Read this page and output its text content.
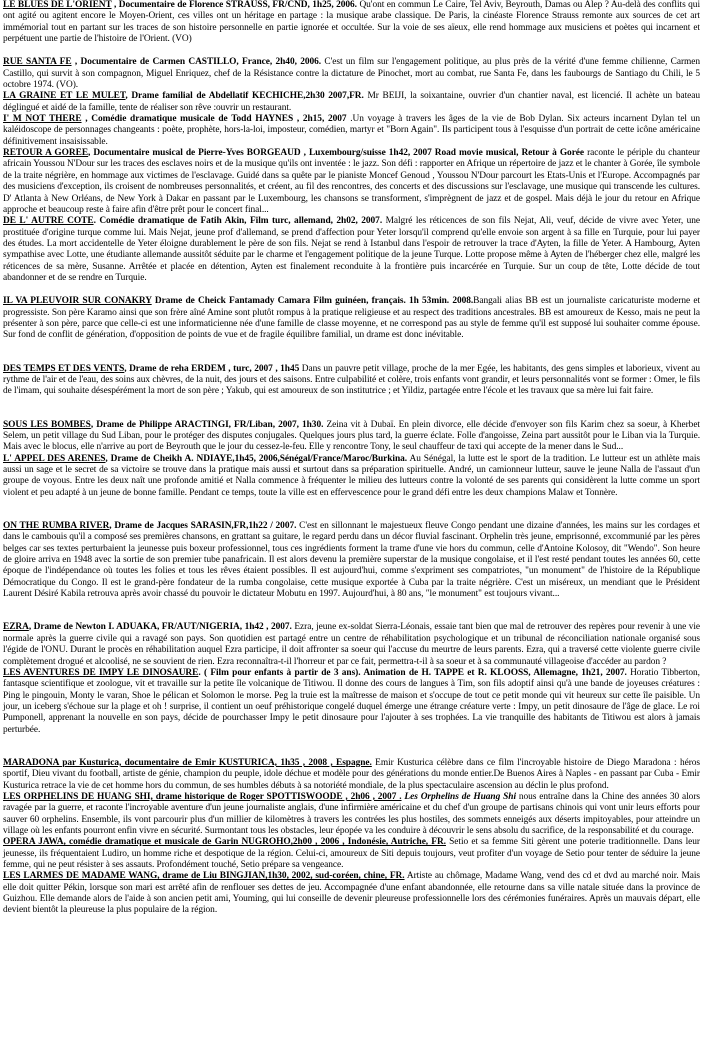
LE BLUES DE L'ORIENT , Documentaire de Florence STRAUSS, FR/CND, 1h25, 2006. Qu'ont en commun Le Caire, Tel Aviv, Beyrouth, Damas ou Alep ? Au-delà des conflits qui ont agité ou agitent encore le Moyen-Orient, ces villes ont un héritage en partage : la musique arabe classique. De Paris, la cinéaste Florence Strauss remonte aux sources de cet art immémorial tout en partant sur les traces de son histoire personnelle en partie ignorée et occultée. Sur la voie de ses aïeux, elle rend hommage aux musiciens et poètes qui incarnent et perpétuent une partie de l'histoire de l'Orient. (VO)

RUE SANTA FE , Documentaire de Carmen CASTILLO, France, 2h40, 2006. C'est un film sur l'engagement politique, au plus près de la vérité d'une femme chilienne, Carmen Castillo, qui survit à son compagnon, Miguel Enriquez, chef de la Résistance contre la dictature de Pinochet, mort au combat, rue Santa Fe, dans les faubourgs de Santiago du Chili, le 5 octobre 1974. (VO).

LA GRAINE ET LE MULET, Drame familial de Abdellatif KECHICHE,2h30 2007,FR. Mr BEIJI, la soixantaine, ouvrier d'un chantier naval, est licencié. Il achète un bateau déglingué et aidé de la famille, tente de réaliser son rêve :ouvrir un restaurant.

I' M NOT THERE , Comédie dramatique musicale de Todd HAYNES , 2h15, 2007 .Un voyage à travers les âges de la vie de Bob Dylan. Six acteurs incarnent Dylan tel un kaléidoscope de personnages changeants : poète, prophète, hors-la-loi, imposteur, comédien, martyr et "Born Again". Ils participent tous à l'esquisse d'un portrait de cette icône américaine définitivement insaisissable.

RETOUR A GOREE, Documentaire musical de Pierre-Yves BORGEAUD , Luxembourg/suisse 1h42, 2007 Road movie musical, Retour à Gorée raconte le périple du chanteur africain Youssou N'Dour sur les traces des esclaves noirs et de la musique qu'ils ont inventée : le jazz. Son défi : rapporter en Afrique un répertoire de jazz et le chanter à Gorée, île symbole de la traite négrière, en hommage aux victimes de l'esclavage. Guidé dans sa quête par le pianiste Moncef Genoud , Youssou N'Dour parcourt les Etats-Unis et l'Europe. Accompagnés par des musiciens d'exception, ils croisent de nombreuses personnalités, et créent, au fil des rencontres, des concerts et des discussions sur l'esclavage, une musique qui transcende les cultures. D' Atlanta à New Orléans, de New York à Dakar en passant par le Luxembourg, les chansons se transforment, s'imprègnent de jazz et de gospel. Mais déjà le jour du retour en Afrique approche et beaucoup reste à faire afin d'être prêt pour le concert final...

DE L' AUTRE COTE. Comédie dramatique de Fatih Akin, Film turc, allemand, 2h02, 2007. Malgré les réticences de son fils Nejat, Ali, veuf, décide de vivre avec Yeter, une prostituée d'origine turque comme lui. Mais Nejat, jeune prof d'allemand, se prend d'affection pour Yeter lorsqu'il comprend qu'elle envoie son argent à sa fille en Turquie, pour lui payer des études. La mort accidentelle de Yeter éloigne durablement le père de son fils. Nejat se rend à Istanbul dans l'espoir de retrouver la trace d'Ayten, la fille de Yeter. A Hambourg, Ayten sympathise avec Lotte, une étudiante allemande aussitôt séduite par le charme et l'engagement politique de la jeune Turque. Lotte propose même à Ayten de l'héberger chez elle, malgré les réticences de sa mère, Susanne. Arrêtée et placée en détention, Ayten est finalement reconduite à la frontière puis incarcérée en Turquie. Sur un coup de tête, Lotte décide de tout abandonner et de se rendre en Turquie.

IL VA PLEUVOIR SUR CONAKRY Drame de Cheick Fantamady Camara Film guinéen, français. 1h 53min. 2008.Bangali alias BB est un journaliste caricaturiste moderne et progressiste. Son père Karamo ainsi que son frère aîné Amine sont plutôt rompus à la pratique religieuse et au respect des traditions ancestrales. BB est amoureux de Kesso, mais ne peut la présenter à son père, parce que celle-ci est une informaticienne née d'une famille de classe moyenne, et ne correspond pas au style de femme qu'il est supposé lui souhaiter comme épouse. Sur fond de conflit de génération, d'opposition de points de vue et de fragile équilibre familial, un drame est donc inévitable.

DES TEMPS ET DES VENTS, Drame de reha ERDEM , turc, 2007 , 1h45 Dans un pauvre petit village, proche de la mer Egée, les habitants, des gens simples et laborieux, vivent au rythme de l'air et de l'eau, des soins aux chèvres, de la nuit, des jours et des saisons. Entre culpabilité et colère, trois enfants vont grandir, et leurs personnalités vont se former : Omer, le fils de l'imam, qui souhaite désespérément la mort de son père ; Yakub, qui est amoureux de son institutrice ; et Yildiz, partagée entre l'école et les travaux que sa mère lui fait faire.

SOUS LES BOMBES, Drame de Philippe ARACTINGI, FR/Liban, 2007, 1h30. Zeina vit à Dubaï. En plein divorce, elle décide d'envoyer son fils Karim chez sa soeur, à Kherbet Selem, un petit village du Sud Liban, pour le protéger des disputes conjugales. Quelques jours plus tard, la guerre éclate. Folle d'angoisse, Zeina part aussitôt pour le Liban via la Turquie. Mais avec le blocus, elle n'arrive au port de Beyrouth que le jour du cessez-le-feu. Elle y rencontre Tony, le seul chauffeur de taxi qui accepte de la mener dans le Sud...

L' APPEL DES ARENES, Drame de Cheikh A. NDIAYE,1h45, 2006,Sénégal/France/Maroc/Burkina. Au Sénégal, la lutte est le sport de la tradition. Le lutteur est un athlète mais aussi un sage et le secret de sa victoire se trouve dans la pratique mais aussi et surtout dans sa préparation spirituelle. André, un camionneur lutteur, sauve le jeune Nalla de l'assaut d'un groupe de voyous. Entre les deux naît une profonde amitié et Nalla commence à fréquenter le milieu des lutteurs contre la volonté de ses parents qui considèrent la lutte comme un sport violent et peu adapté à un jeune de bonne famille. Pendant ce temps, toute la ville est en effervescence pour le grand défi entre les deux champions Malaw et Tonnère.

ON THE RUMBA RIVER, Drame de Jacques SARASIN,FR,1h22 / 2007. C'est en sillonnant le majestueux fleuve Congo pendant une dizaine d'années, les mains sur les cordages et dans le cambouis qu'il a composé ses premières chansons, en grattant sa guitare, le regard perdu dans un décor fluvial fascinant. Orphelin très jeune, emprisonné, excommunié par les pères belges car ses textes perturbaient la jeunesse puis boxeur professionnel, tous ces ingrédients forment la trame d'une vie hors du commun, celle d'Antoine Kolosoy, dit "Wendo". Son heure de gloire arriva en 1948 avec la sortie de son premier tube panafricain. Il est alors devenu la première superstar de la musique congolaise, et il l'est resté pendant toutes les années 60, cette époque de l'indépendance où toutes les folies et tous les rêves étaient possibles. Il est aujourd'hui, comme s'expriment ses compatriotes, "un monument" de l'histoire de la République Démocratique du Congo. Il est le grand-père fondateur de la rumba congolaise, cette musique exportée à Cuba par la traite négrière. C'est un miséreux, un mendiant que le Président Laurent Désiré Kabila retrouva après avoir chassé du pouvoir le dictateur Mobutu en 1997. Aujourd'hui, à 80 ans, "le monument" est toujours vivant...

EZRA, Drame de Newton I. ADUAKA, FR/AUT/NIGERIA, 1h42 , 2007. Ezra, jeune ex-soldat Sierra-Léonais, essaie tant bien que mal de retrouver des repères pour revenir à une vie normale après la guerre civile qui a ravagé son pays. Son quotidien est partagé entre un centre de réhabilitation psychologique et un tribunal de réconciliation nationale organisé sous l'égide de l'ONU. Durant le procès en réhabilitation auquel Ezra participe, il doit affronter sa soeur qui l'accuse du meurtre de leurs parents. Ezra, qui a traversé cette violente guerre civile complètement drogué et alcoolisé, ne se souvient de rien. Ezra reconnaîtra-t-il l'horreur et par ce fait, permettra-t-il à sa soeur et à sa communauté villageoise d'accéder au pardon ?

LES AVENTURES DE IMPY LE DINOSAURE. ( Film pour enfants à partir de 3 ans). Animation de H. TAPPE et R. KLOOSS, Allemagne, 1h21, 2007. Horatio Tibberton, fantasque scientifique et zoologue, vit et travaille sur la petite île volcanique de Titiwou. Il donne des cours de langues à Tim, son fils adoptif ainsi qu'à une bande de joyeuses créatures : Ping le pingouin, Monty le varan, Shoe le pélican et Solomon le morse. Peg la truie est la maîtresse de maison et s'occupe de tout ce petit monde qui vit heureux sur cette île paisible. Un jour, un iceberg s'échoue sur la plage et oh ! surprise, il contient un oeuf préhistorique congelé duquel émerge une étrange créature verte : Impy, un petit dinosaure de l'âge de glace. Le roi Pumponell, apprenant la nouvelle en son pays, décide de pourchasser Impy le petit dinosaure pour l'ajouter à ses trophées. La vie tranquille des habitants de Titiwou est alors à jamais perturbée.

MARADONA par Kusturica, documentaire de Emir KUSTURICA, 1h35 , 2008 , Espagne. Emir Kusturica célèbre dans ce film l'incroyable histoire de Diego Maradona : héros sportif, Dieu vivant du football, artiste de génie, champion du peuple, idole déchue et modèle pour des générations du monde entier.De Buenos Aires à Naples - en passant par Cuba - Emir Kusturica retrace la vie de cet homme hors du commun, de ses humbles débuts à sa notoriété mondiale, de la plus spectaculaire ascension au déclin le plus profond.

LES ORPHELINS DE HUANG SHI, drame historique de Roger SPOTTISWOODE , 2h06 , 2007 . Les Orphelins de Huang Shi nous entraîne dans la Chine des années 30 alors ravagée par la guerre, et raconte l'incroyable aventure d'un jeune journaliste anglais, d'une infirmière américaine et du chef d'un groupe de partisans chinois qui vont unir leurs efforts pour sauver 60 orphelins. Ensemble, ils vont parcourir plus d'un millier de kilomètres à travers les contrées les plus hostiles, des sommets enneigés aux déserts impitoyables, pour atteindre un village où les enfants pourront enfin vivre en sécurité. Surmontant tous les obstacles, leur épopée va les conduire à découvrir le sens absolu du sacrifice, de la responsabilité et du courage.

OPERA JAWA, comédie dramatique et musicale de Garin NUGROHO,2h00 , 2006 , Indonésie, Autriche, FR. Setio et sa femme Siti gèrent une poterie traditionnelle. Dans leur jeunesse, ils fréquentaient Ludiro, un homme riche et despotique de la région. Celui-ci, amoureux de Siti depuis toujours, veut profiter d'un voyage de Setio pour tenter de séduire la jeune femme, qui ne peut résister à ses assauts. Profondément touché, Setio prépare sa vengeance.

LES LARMES DE MADAME WANG, drame de Liu BINGJIAN,1h30, 2002, sud-coréen, chine, FR. Artiste au chômage, Madame Wang, vend des cd et dvd au marché noir. Mais elle doit quitter Pékin, lorsque son mari est arrêté afin de renflouer ses dettes de jeu. Accompagnée d'une enfant abandonnée, elle retourne dans sa ville natale située dans la province de Guizhou. Elle demande alors de l'aide à son ancien petit ami, Youming, qui lui conseille de devenir pleureuse professionnelle lors des cérémonies funéraires. Après un mauvais départ, elle devient bientôt la pleureuse la plus populaire de la région.
